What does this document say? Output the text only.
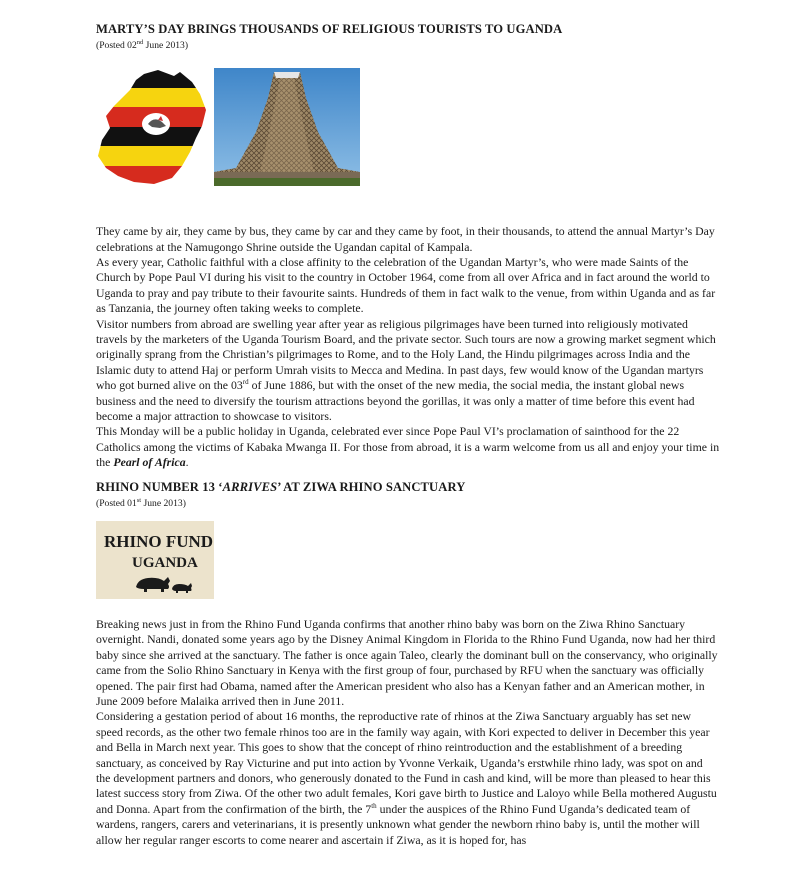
MARTY’S DAY BRINGS THOUSANDS OF RELIGIOUS TOURISTS TO UGANDA

(Posted 02nd June 2013)

They came by air, they came by bus, they came by car and they came by foot, in their thousands, to attend the annual Martyr’s Day celebrations at the Namugongo Shrine outside the Ugandan capital of Kampala.

As every year, Catholic faithful with a close affinity to the celebration of the Ugandan Martyr’s, who were made Saints of the Church by Pope Paul VI during his visit to the country in October 1964, come from all over Africa and in fact around the world to Uganda to pray and pay tribute to their favourite saints. Hundreds of them in fact walk to the venue, from within Uganda and as far as Tanzania, the journey often taking weeks to complete.

Visitor numbers from abroad are swelling year after year as religious pilgrimages have been turned into religiously motivated travels by the marketers of the Uganda Tourism Board, and the private sector. Such tours are now a growing market segment which originally sprang from the Christian’s pilgrimages to Rome, and to the Holy Land, the Hindu pilgrimages across India and the Islamic duty to attend Haj or perform Umrah visits to Mecca and Medina. In past days, few would know of the Ugandan martyrs who got burned alive on the 03rd of June 1886, but with the onset of the new media, the social media, the instant global news business and the need to diversify the tourism attractions beyond the gorillas, it was only a matter of time before this event had become a major attraction to showcase to visitors.

This Monday will be a public holiday in Uganda, celebrated ever since Pope Paul VI’s proclamation of sainthood for the 22 Catholics among the victims of Kabaka Mwanga II. For those from abroad, it is a warm welcome from us all and enjoy your time in the Pearl of Africa.

RHINO NUMBER 13 ‘ARRIVES’ AT ZIWA RHINO SANCTUARY

(Posted 01st June 2013)

RHINO FUND
UGANDA

Breaking news just in from the Rhino Fund Uganda confirms that another rhino baby was born on the Ziwa Rhino Sanctuary overnight. Nandi, donated some years ago by the Disney Animal Kingdom in Florida to the Rhino Fund Uganda, now had her third baby since she arrived at the sanctuary. The father is once again Taleo, clearly the dominant bull on the conservancy, who originally came from the Solio Rhino Sanctuary in Kenya with the first group of four, purchased by RFU when the sanctuary was officially opened. The pair first had Obama, named after the American president who also has a Kenyan father and an American mother, in June 2009 before Malaika arrived then in June 2011.

Considering a gestation period of about 16 months, the reproductive rate of rhinos at the Ziwa Sanctuary arguably has set new speed records, as the other two female rhinos too are in the family way again, with Kori expected to deliver in December this year and Bella in March next year. This goes to show that the concept of rhino reintroduction and the establishment of a breeding sanctuary, as conceived by Ray Victurine and put into action by Yvonne Verkaik, Uganda’s erstwhile rhino lady, was spot on and the development partners and donors, who generously donated to the Fund in cash and kind, will be more than pleased to hear this latest success story from Ziwa. Of the other two adult females, Kori gave birth to Justice and Laloyo while Bella mothered Augustu and Donna. Apart from the confirmation of the birth, the 7th under the auspices of the Rhino Fund Uganda’s dedicated team of wardens, rangers, carers and veterinarians, it is presently unknown what gender the newborn rhino baby is, until the mother will allow her regular ranger escorts to come nearer and ascertain if Ziwa, as it is hoped for, has
